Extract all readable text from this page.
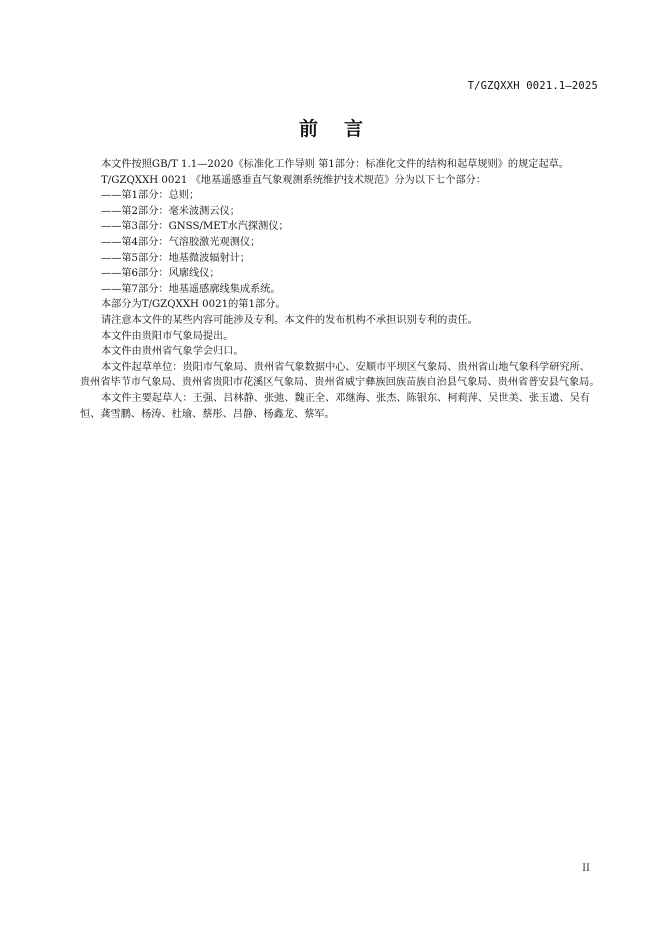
T/GZQXXH 0021.1—2025
前言

本文件按照GB/T 1.1—2020《标准化工作导则 第1部分：标准化文件的结构和起草规则》的规定起草。

T/GZQXXH 0021 《地基遥感垂直气象观测系统维护技术规范》分为以下七个部分：

——第1部分：总则；
——第2部分：毫米波测云仪；
——第3部分：GNSS/MET水汽探测仪；
——第4部分：气溶胶激光观测仪；
——第5部分：地基微波辐射计；
——第6部分：风廓线仪；
——第7部分：地基遥感廓线集成系统。

本部分为T/GZQXXH 0021的第1部分。

请注意本文件的某些内容可能涉及专利。本文件的发布机构不承担识别专利的责任。

本文件由贵阳市气象局提出。

本文件由贵州省气象学会归口。

本文件起草单位：贵阳市气象局、贵州省气象数据中心、安顺市平坝区气象局、贵州省山地气象科学研究所、贵州省毕节市气象局、贵州省贵阳市花溪区气象局、贵州省威宁彝族回族苗族自治县气象局、贵州省普安县气象局。

本文件主要起草人：王强、吕林静、张弛、魏正全、邓继海、张杰、陈银东、柯莉萍、吴世美、张玉遗、吴有恒、龚雪鹏、杨涛、杜瑜、蔡彤、吕静、杨鑫龙、蔡军。

II
